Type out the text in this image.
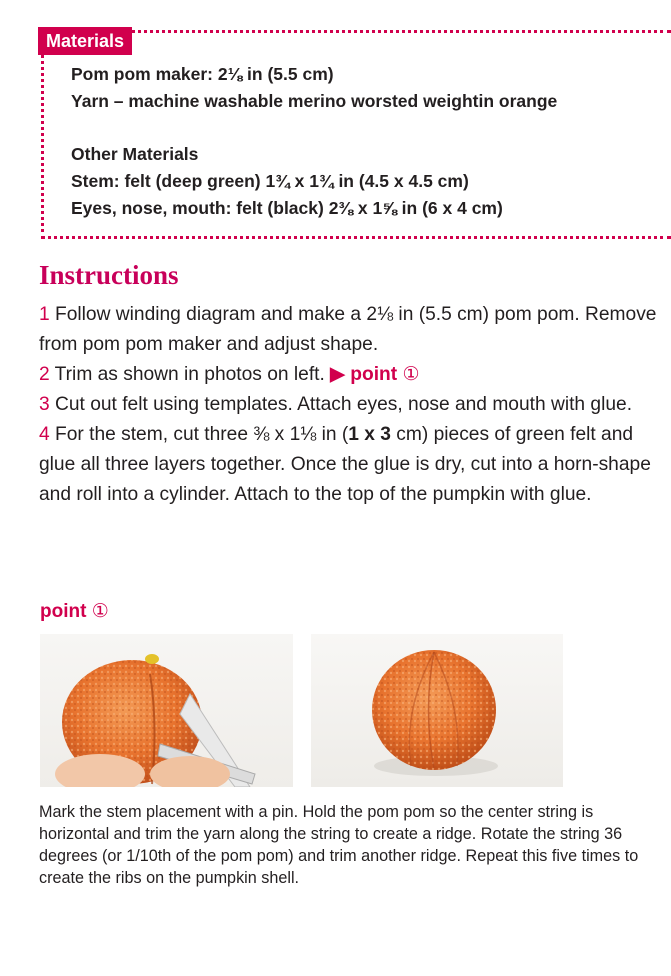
Materials
Pom pom maker: 2⅛ in (5.5 cm)
Yarn – machine washable merino worsted weightin orange
Other Materials
Stem: felt (deep green) 1¾ x 1¾ in (4.5 x 4.5 cm)
Eyes, nose, mouth: felt (black) 2⅜ x 1⅝ in (6 x 4 cm)
Instructions

1 Follow winding diagram and make a 2⅛ in (5.5 cm) pom pom. Remove from pom pom maker and adjust shape.

2 Trim as shown in photos on left. ▶ point ①

3 Cut out felt using templates. Attach eyes, nose and mouth with glue.

4 For the stem, cut three ⅜ x 1⅛ in (1 x 3 cm) pieces of green felt and glue all three layers together. Once the glue is dry, cut into a horn-shape and roll into a cylinder. Attach to the top of the pumpkin with glue.

point ①
Mark the stem placement with a pin. Hold the pom pom so the center string is horizontal and trim the yarn along the string to create a ridge. Rotate the string 36 degrees (or 1/10th of the pom pom) and trim another ridge. Repeat this five times to create the ribs on the pumpkin shell.
